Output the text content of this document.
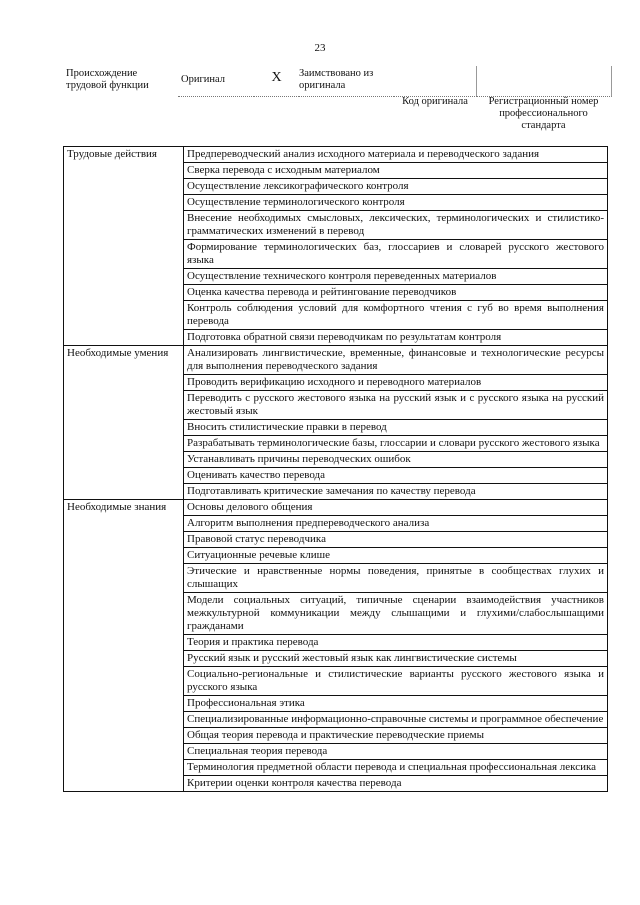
23
Происхождение трудовой функции
Оригинал	X	Заимствовано из оригинала
Код оригинала	Регистрационный номер профессионального стандарта
Трудовые действия	Предпереводческий анализ исходного материала и переводческого задания
	Сверка перевода с исходным материалом
	Осуществление лексикографического контроля
	Осуществление терминологического контроля
	Внесение необходимых смысловых, лексических, терминологических и стилистико-грамматических изменений в перевод
	Формирование терминологических баз, глоссариев и словарей русского жестового языка
	Осуществление технического контроля переведенных материалов
	Оценка качества перевода и рейтингование переводчиков
	Контроль соблюдения условий для комфортного чтения с губ во время выполнения перевода
	Подготовка обратной связи переводчикам по результатам контроля
Необходимые умения	Анализировать лингвистические, временные, финансовые и технологические ресурсы для выполнения переводческого задания
	Проводить верификацию исходного и переводного материалов
	Переводить с русского жестового языка на русский язык и с русского языка на русский жестовый язык
	Вносить стилистические правки в перевод
	Разрабатывать терминологические базы, глоссарии и словари русского жестового языка
	Устанавливать причины переводческих ошибок
	Оценивать качество перевода
	Подготавливать критические замечания по качеству перевода
Необходимые знания	Основы делового общения
	Алгоритм выполнения предпереводческого анализа
	Правовой статус переводчика
	Ситуационные речевые клише
	Этические и нравственные нормы поведения, принятые в сообществах глухих и слышащих
	Модели социальных ситуаций, типичные сценарии взаимодействия участников межкультурной коммуникации между слышащими и глухими/слабослышащими гражданами
	Теория и практика перевода
	Русский язык и русский жестовый язык как лингвистические системы
	Социально-региональные и стилистические варианты русского жестового языка и русского языка
	Профессиональная этика
	Специализированные информационно-справочные системы и программное обеспечение
	Общая теория перевода и практические переводческие приемы
	Специальная теория перевода
	Терминология предметной области перевода и специальная профессиональная лексика
	Критерии оценки контроля качества перевода
